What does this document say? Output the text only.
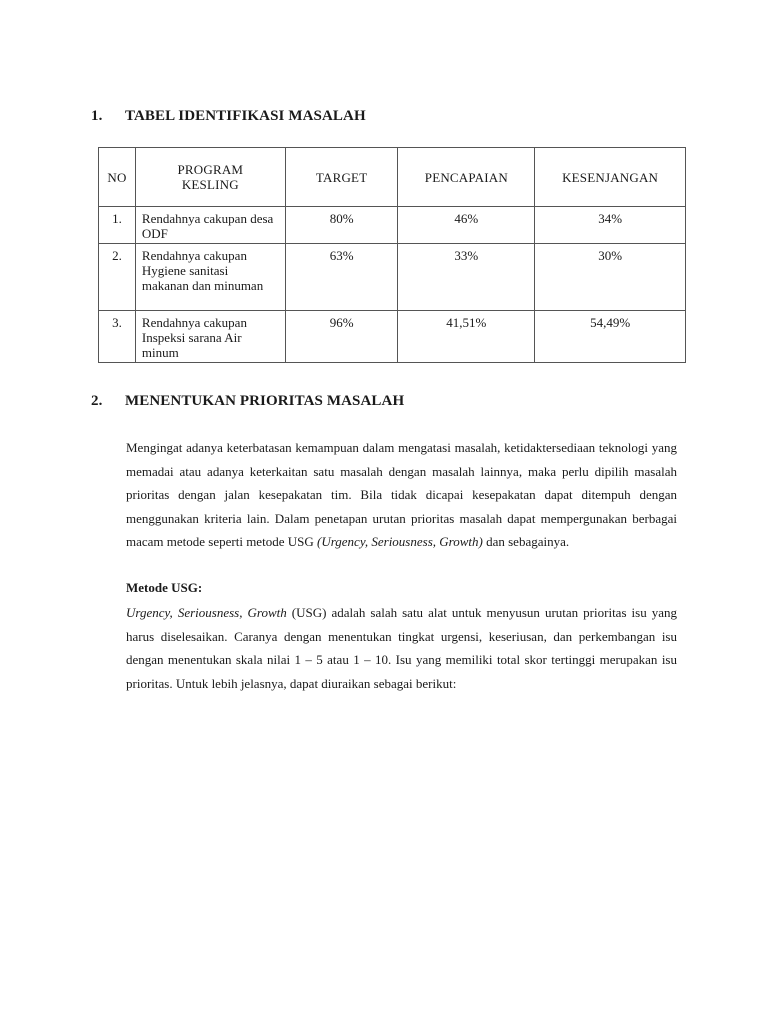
1. TABEL IDENTIFIKASI MASALAH
NO	PROGRAM KESLING	TARGET	PENCAPAIAN	KESENJANGAN
1.	Rendahnya cakupan desa ODF	80%	46%	34%
2.	Rendahnya cakupan Hygiene sanitasi makanan dan minuman	63%	33%	30%
3.	Rendahnya cakupan Inspeksi sarana Air minum	96%	41,51%	54,49%
2. MENENTUKAN PRIORITAS MASALAH

Mengingat adanya keterbatasan kemampuan dalam mengatasi masalah, ketidaktersediaan teknologi yang memadai atau adanya keterkaitan satu masalah dengan masalah lainnya, maka perlu dipilih masalah prioritas dengan jalan kesepakatan tim. Bila tidak dicapai kesepakatan dapat ditempuh dengan menggunakan kriteria lain. Dalam penetapan urutan prioritas masalah dapat mempergunakan berbagai macam metode seperti metode USG (Urgency, Seriousness, Growth) dan sebagainya.

Metode USG:

Urgency, Seriousness, Growth (USG) adalah salah satu alat untuk menyusun urutan prioritas isu yang harus diselesaikan. Caranya dengan menentukan tingkat urgensi, keseriusan, dan perkembangan isu dengan menentukan skala nilai 1 – 5 atau 1 – 10. Isu yang memiliki total skor tertinggi merupakan isu prioritas. Untuk lebih jelasnya, dapat diuraikan sebagai berikut:
